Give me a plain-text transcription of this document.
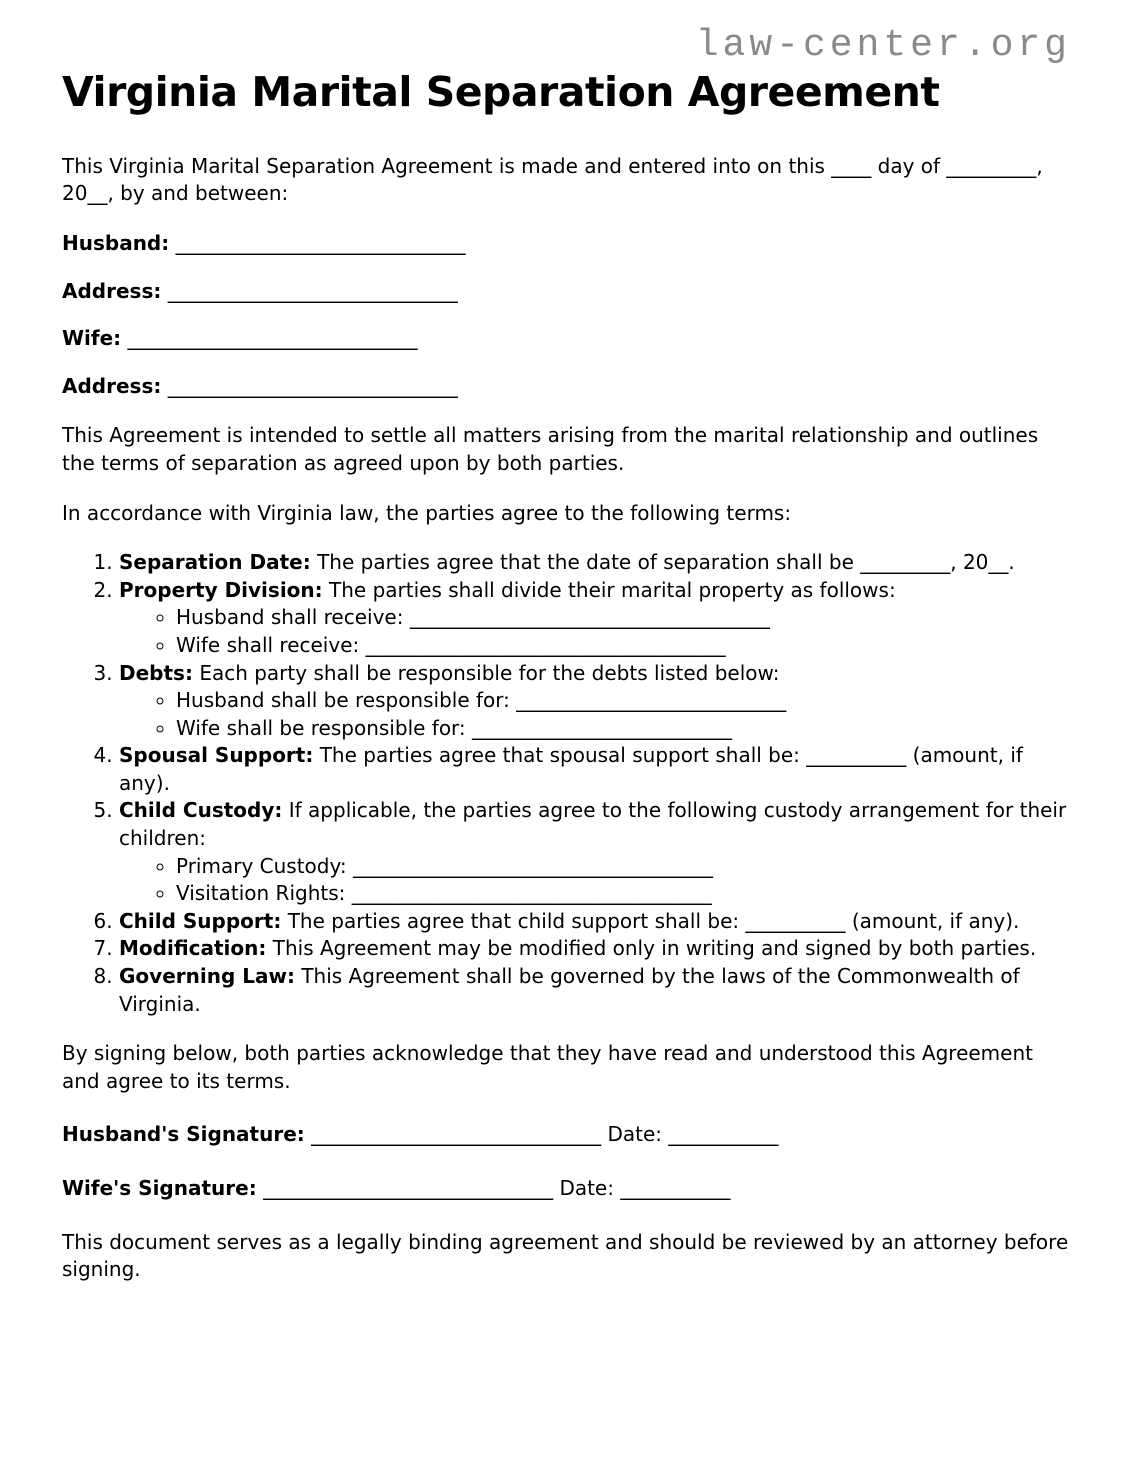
law-center.org
Virginia Marital Separation Agreement

This Virginia Marital Separation Agreement is made and entered into on this ____ day of _________, 20__, by and between:

Husband: _____________________________

Address: _____________________________

Wife: _____________________________

Address: _____________________________

This Agreement is intended to settle all matters arising from the marital relationship and outlines the terms of separation as agreed upon by both parties.

In accordance with Virginia law, the parties agree to the following terms:

1. Separation Date: The parties agree that the date of separation shall be _________, 20__.
2. Property Division: The parties shall divide their marital property as follows:
◦ Husband shall receive: ____________________________________
◦ Wife shall receive: ____________________________________
3. Debts: Each party shall be responsible for the debts listed below:
◦ Husband shall be responsible for: ___________________________
◦ Wife shall be responsible for: __________________________
4. Spousal Support: The parties agree that spousal support shall be: __________ (amount, if any).
5. Child Custody: If applicable, the parties agree to the following custody arrangement for their children:
◦ Primary Custody: ____________________________________
◦ Visitation Rights: ____________________________________
6. Child Support: The parties agree that child support shall be: __________ (amount, if any).
7. Modification: This Agreement may be modified only in writing and signed by both parties.
8. Governing Law: This Agreement shall be governed by the laws of the Commonwealth of Virginia.

By signing below, both parties acknowledge that they have read and understood this Agreement and agree to its terms.

Husband's Signature: _____________________________ Date: ___________

Wife's Signature: _____________________________ Date: ___________

This document serves as a legally binding agreement and should be reviewed by an attorney before signing.
